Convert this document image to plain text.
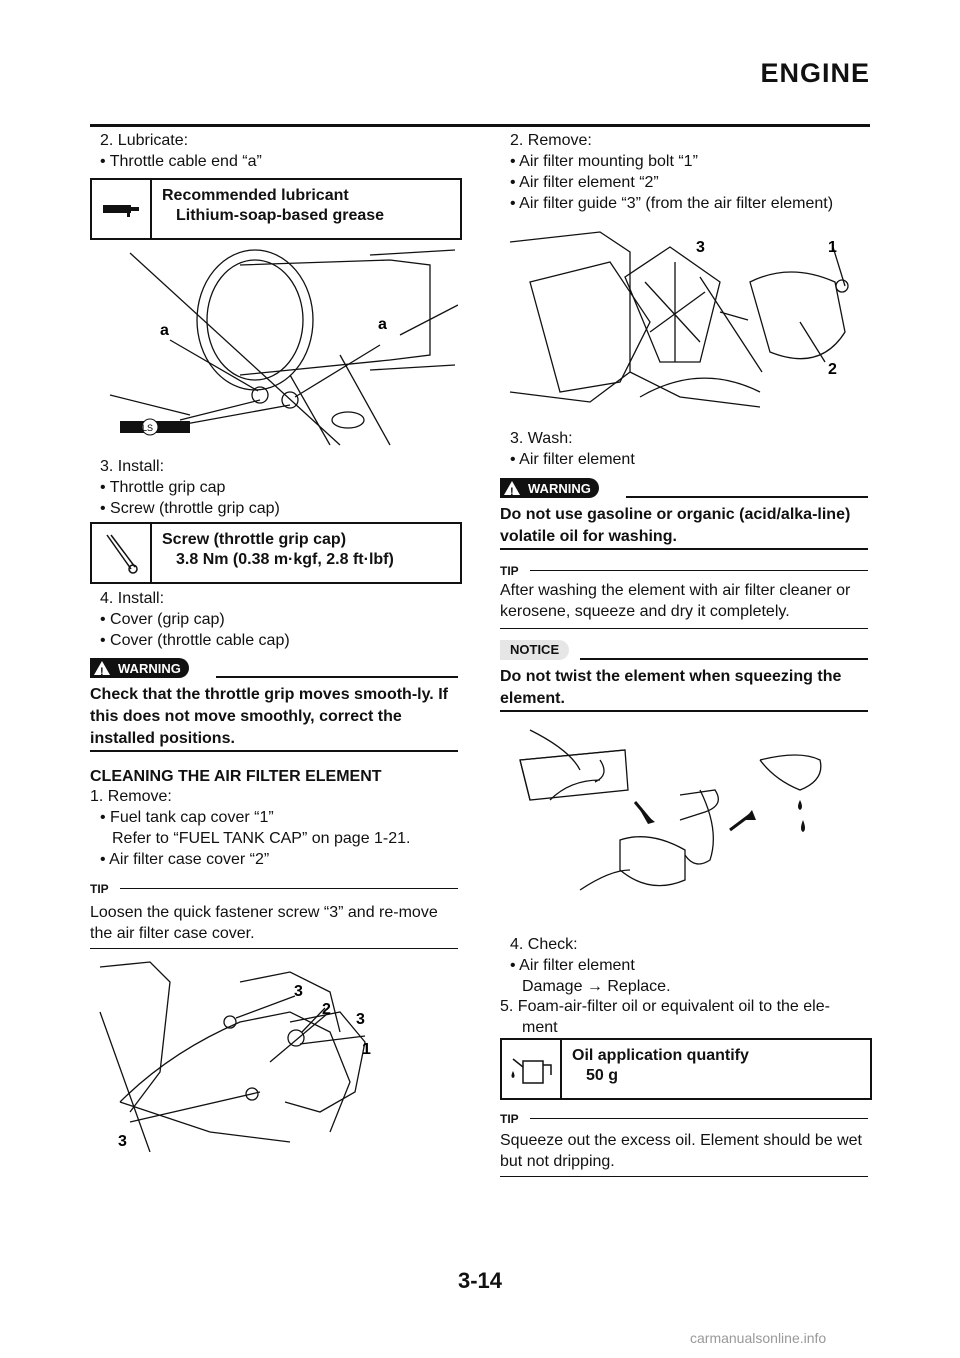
ENGINE
2. Lubricate:
• Throttle cable end “a”
Recommended lubricant
Lithium-soap-based grease
LS
a	a
3. Install:
• Throttle grip cap
• Screw (throttle grip cap)
Screw (throttle grip cap)
3.8 Nm (0.38 m·kgf, 2.8 ft·lbf)
4. Install:
• Cover (grip cap)
• Cover (throttle cable cap)
! WARNING
Check that the throttle grip moves smooth-ly. If this does not move smoothly, correct the installed positions.
CLEANING THE AIR FILTER ELEMENT
1. Remove:
• Fuel tank cap cover “1”
Refer to “FUEL TANK CAP” on page 1-21.
• Air filter case cover “2”
TIP
Loosen the quick fastener screw “3” and re-move the air filter case cover.
3
2
3
1
3
2. Remove:
• Air filter mounting bolt “1”
• Air filter element “2”
• Air filter guide “3” (from the air filter element)
3	1
2
3. Wash:
• Air filter element
! WARNING
Do not use gasoline or organic (acid/alka-line) volatile oil for washing.
TIP
After washing the element with air filter cleaner or kerosene, squeeze and dry it completely.
NOTICE
Do not twist the element when squeezing the element.
4. Check:
• Air filter element
Damage → Replace.
5. Foam-air-filter oil or equivalent oil to the ele-
ment
Oil application quantify
50 g
TIP
Squeeze out the excess oil. Element should be wet but not dripping.
3-14
carmanualsonline.info
